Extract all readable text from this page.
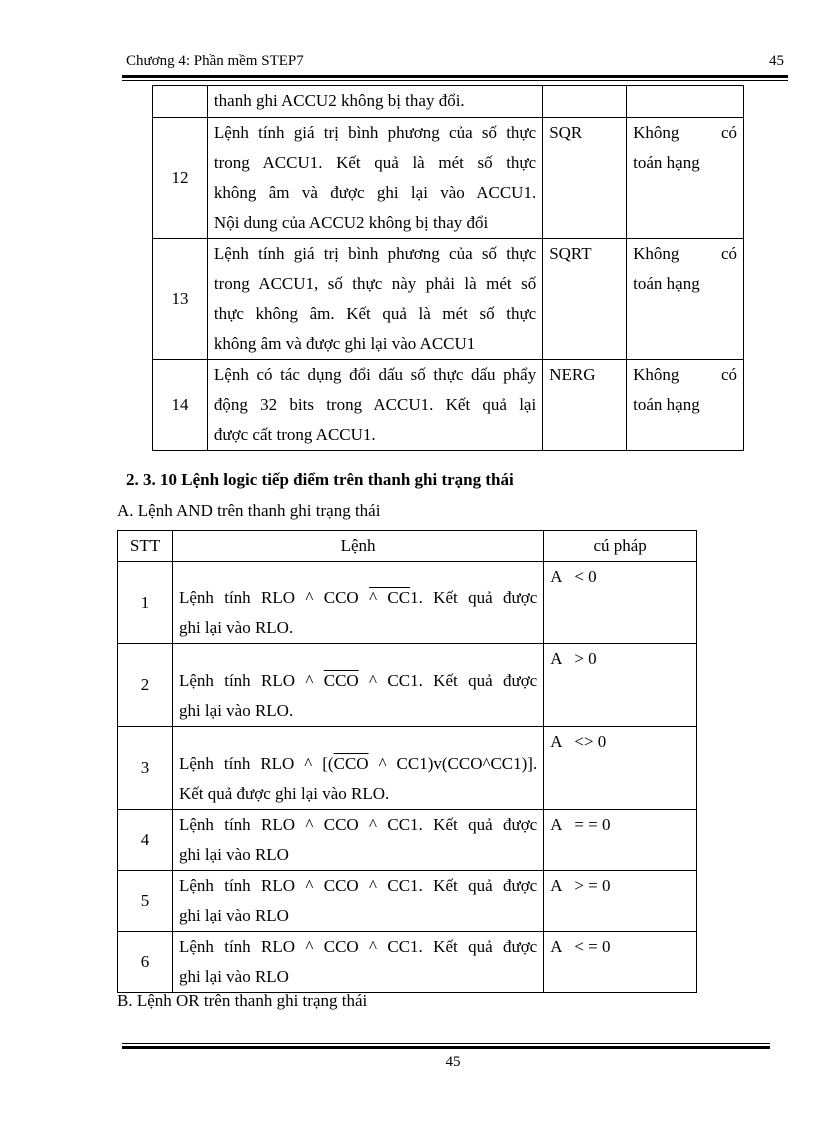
Chương 4: Phần mềm STEP7	45
	thanh ghi ACCU2 không bị thay đổi.		
12	Lệnh tính giá trị bình phương của số thực
trong ACCU1. Kết quả là mét số thực
không âm và được ghi lại vào ACCU1.

Nội dung của ACCU2 không bị thay đổi	SQR	Không có

toán hạng

13	Lệnh tính giá trị bình phương của số thực
trong ACCU1, số thực này phải là mét số
thực không âm. Kết quả là mét số thực

không âm và được ghi lại vào ACCU1	SQRT	Không có

toán hạng

14	Lệnh có tác dụng đổi dấu số thực dấu phẩy
động 32 bits trong ACCU1. Kết quả lại

được cất trong ACCU1.	NERG	Không có

toán hạng
2. 3. 10 Lệnh logic tiếp điểm trên thanh ghi trạng thái
A. Lệnh AND trên thanh ghi trạng thái
STT	Lệnh	cú pháp
1	Lệnh tính RLO ^ CCO ^ CC1. Kết quả được

ghi lại vào RLO.	A   < 0
2	Lệnh tính RLO ^ $\overline{CCO}$ ^ CC1. Kết quả được

ghi lại vào RLO.	A   > 0
3	Lệnh tính RLO ^ [($\overline{CCO}$ ^ CC1)v(CCO^CC1)].

Kết quả được ghi lại vào RLO.	A   <> 0
4	Lệnh tính RLO ^ CCO ^ CC1. Kết quả được

ghi lại vào RLO	A   = = 0
5	Lệnh tính RLO ^ CCO ^ CC1. Kết quả được

ghi lại vào RLO	A   > = 0
6	Lệnh tính RLO ^ CCO ^ CC1. Kết quả được

ghi lại vào RLO	A   < = 0
B. Lệnh OR trên thanh ghi trạng thái
45
